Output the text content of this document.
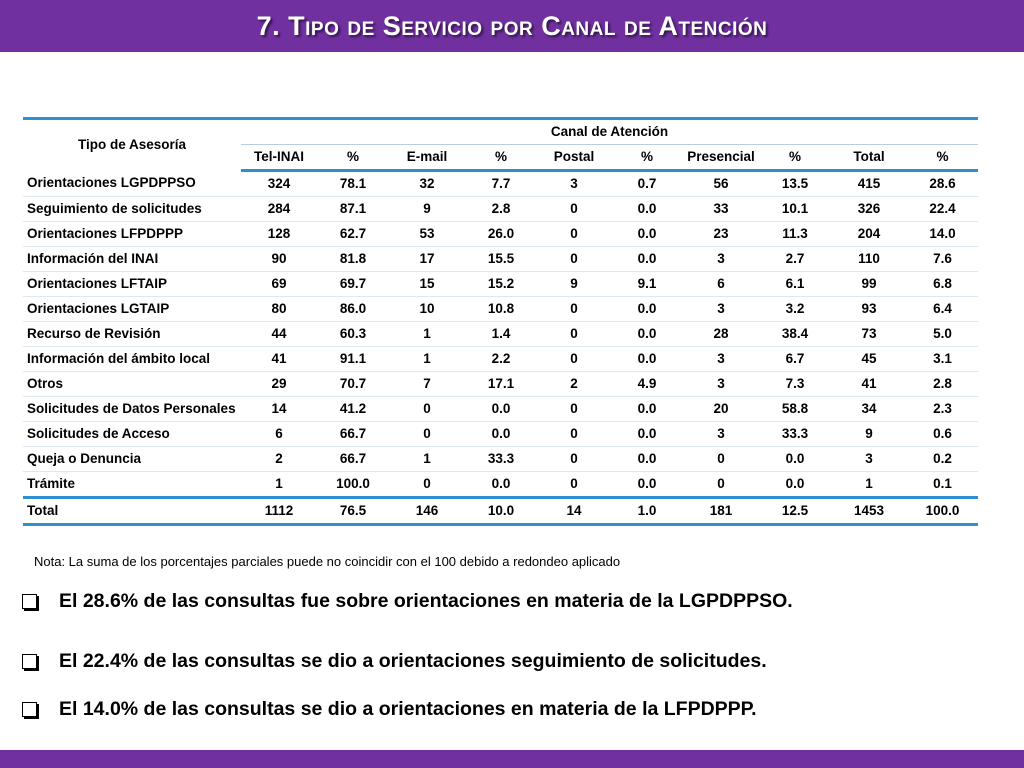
7. Tipo de Servicio por Canal de Atención
Tipo de Asesoría	Canal de Atención									
	Tel-INAI	%	E-mail	%	Postal	%	Presencial	%	Total	%
Orientaciones LGPDPPSO	324	78.1	32	7.7	3	0.7	56	13.5	415	28.6
Seguimiento de solicitudes	284	87.1	9	2.8	0	0.0	33	10.1	326	22.4
Orientaciones LFPDPPP	128	62.7	53	26.0	0	0.0	23	11.3	204	14.0
Información del INAI	90	81.8	17	15.5	0	0.0	3	2.7	110	7.6
Orientaciones LFTAIP	69	69.7	15	15.2	9	9.1	6	6.1	99	6.8
Orientaciones LGTAIP	80	86.0	10	10.8	0	0.0	3	3.2	93	6.4
Recurso de Revisión	44	60.3	1	1.4	0	0.0	28	38.4	73	5.0
Información del ámbito local	41	91.1	1	2.2	0	0.0	3	6.7	45	3.1
Otros	29	70.7	7	17.1	2	4.9	3	7.3	41	2.8
Solicitudes de Datos Personales	14	41.2	0	0.0	0	0.0	20	58.8	34	2.3
Solicitudes de Acceso	6	66.7	0	0.0	0	0.0	3	33.3	9	0.6
Queja o Denuncia	2	66.7	1	33.3	0	0.0	0	0.0	3	0.2
Trámite	1	100.0	0	0.0	0	0.0	0	0.0	1	0.1
Total	1112	76.5	146	10.0	14	1.0	181	12.5	1453	100.0
Nota: La suma de los porcentajes parciales puede no coincidir con el 100 debido a redondeo aplicado
El 28.6% de las consultas fue sobre orientaciones en materia de la LGPDPPSO.
El 22.4% de las consultas se dio a orientaciones seguimiento de solicitudes.
El 14.0% de las consultas se dio a orientaciones en materia de la LFPDPPP.
